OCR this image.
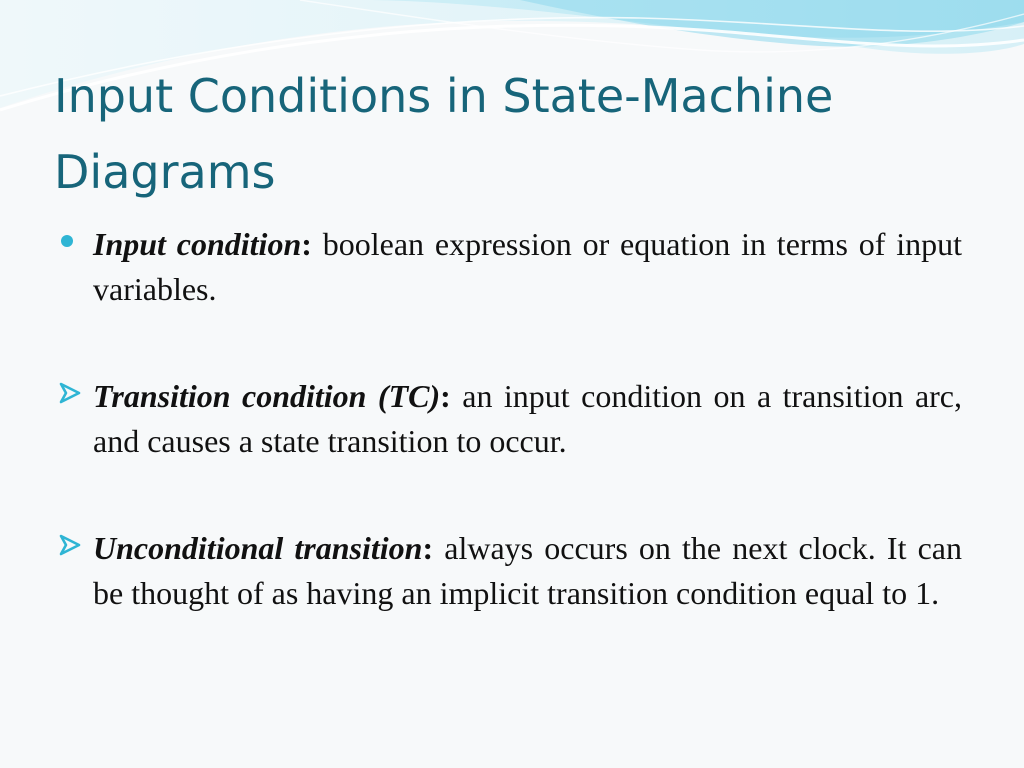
Input Conditions in State-Machine Diagrams

Input condition: boolean expression or equation in terms of input variables.

Transition condition (TC): an input condition on a transition arc, and causes a state transition to occur.

Unconditional transition: always occurs on the next clock. It can be thought of as having an implicit transition condition equal to 1.
